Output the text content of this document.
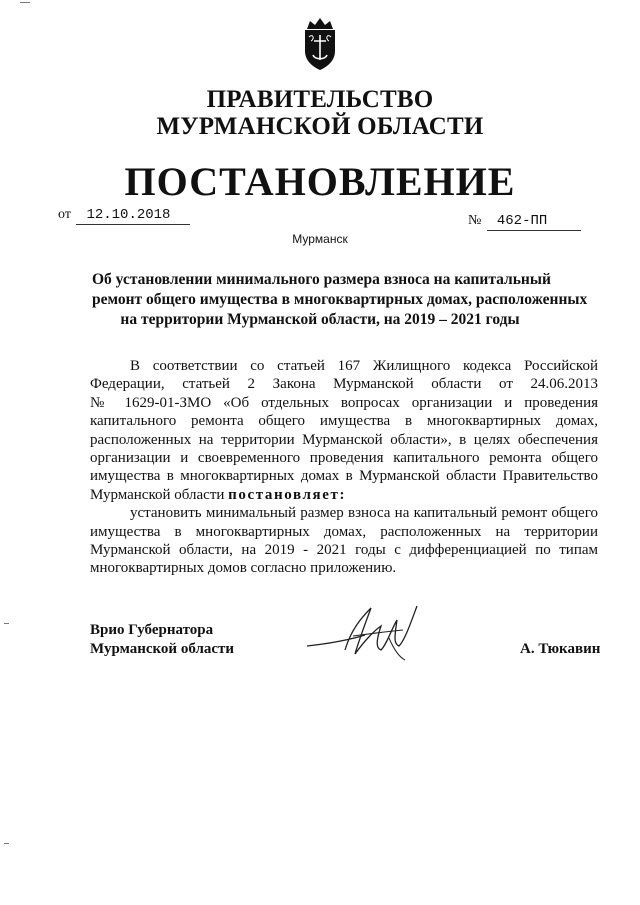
ПРАВИТЕЛЬСТВО
МУРМАНСКОЙ ОБЛАСТИ
ПОСТАНОВЛЕНИЕ
от 12.10.2018	№ 462-ПП
Мурманск
Об установлении минимального размера взноса на капитальный
ремонт общего имущества в многоквартирных домах, расположенных
на территории Мурманской области, на 2019 – 2021 годы
В соответствии со статьей 167 Жилищного кодекса Российской
Федерации, статьей 2 Закона Мурманской области от 24.06.2013
№ 1629-01-ЗМО «Об отдельных вопросах организации и проведения
капитального ремонта общего имущества в многоквартирных домах,
расположенных на территории Мурманской области», в целях обеспечения
организации и своевременного проведения капитального ремонта общего
имущества в многоквартирных домах в Мурманской области Правительство
Мурманской области постановляет:
установить минимальный размер взноса на капитальный ремонт общего
имущества в многоквартирных домах, расположенных на территории
Мурманской области, на 2019 - 2021 годы с дифференциацией по типам
многоквартирных домов согласно приложению.
Врио Губернатора
Мурманской области	А. Тюкавин
